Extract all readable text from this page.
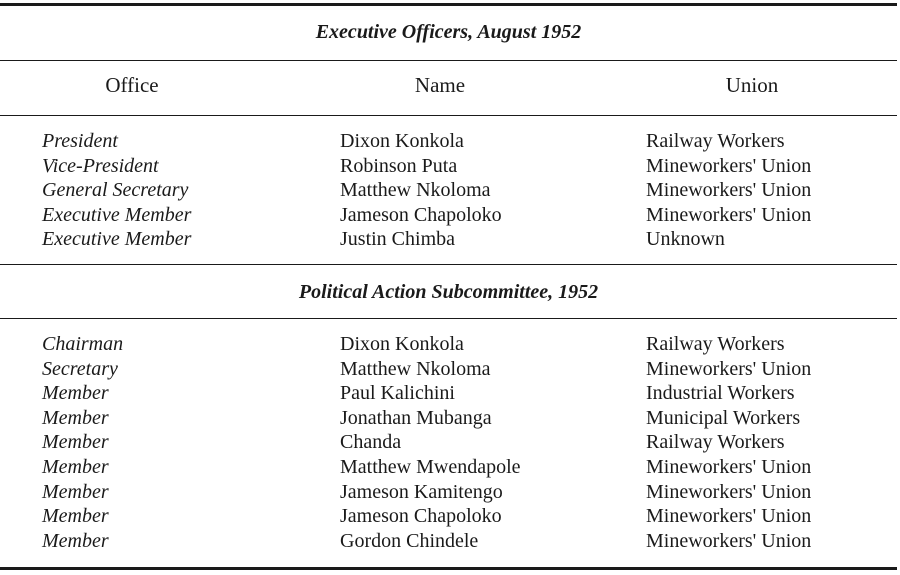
Executive Officers, August 1952
Office	Name	Union
President	Dixon Konkola	Railway Workers
Vice-President	Robinson Puta	Mineworkers' Union
General Secretary	Matthew Nkoloma	Mineworkers' Union
Executive Member	Jameson Chapoloko	Mineworkers' Union
Executive Member	Justin Chimba	Unknown
Political Action Subcommittee, 1952
Chairman	Dixon Konkola	Railway Workers
Secretary	Matthew Nkoloma	Mineworkers' Union
Member	Paul Kalichini	Industrial Workers
Member	Jonathan Mubanga	Municipal Workers
Member	Chanda	Railway Workers
Member	Matthew Mwendapole	Mineworkers' Union
Member	Jameson Kamitengo	Mineworkers' Union
Member	Jameson Chapoloko	Mineworkers' Union
Member	Gordon Chindele	Mineworkers' Union
